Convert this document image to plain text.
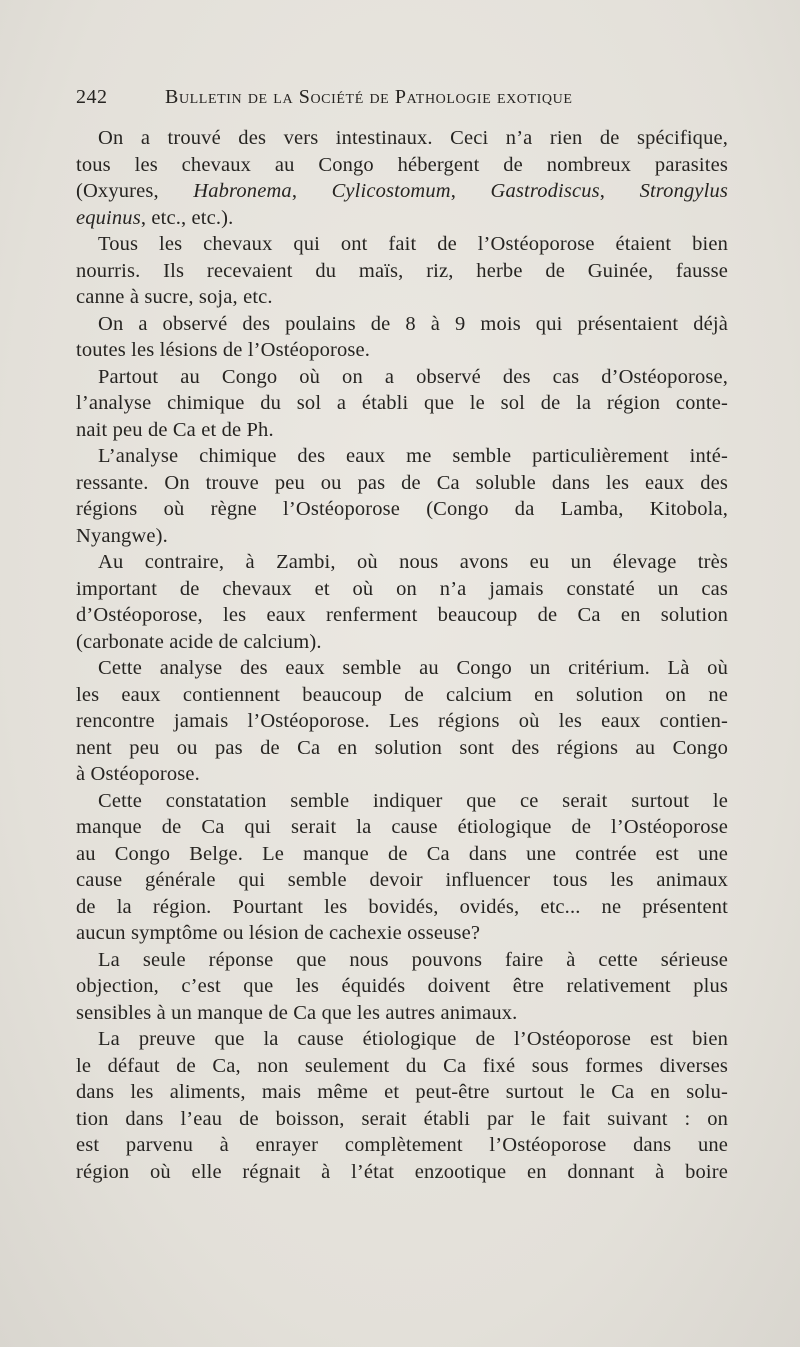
242	Bulletin de la Société de Pathologie exotique
On a trouvé des vers intestinaux. Ceci n’a rien de spécifique,
tous les chevaux au Congo hébergent de nombreux parasites
(Oxyures, Habronema, Cylicostomum, Gastrodiscus, Strongylus
equinus, etc., etc.).
Tous les chevaux qui ont fait de l’Ostéoporose étaient bien
nourris. Ils recevaient du maïs, riz, herbe de Guinée, fausse
canne à sucre, soja, etc.
On a observé des poulains de 8 à 9 mois qui présentaient déjà
toutes les lésions de l’Ostéoporose.
Partout au Congo où on a observé des cas d’Ostéoporose,
l’analyse chimique du sol a établi que le sol de la région conte-
nait peu de Ca et de Ph.
L’analyse chimique des eaux me semble particulièrement inté-
ressante. On trouve peu ou pas de Ca soluble dans les eaux des
régions où règne l’Ostéoporose (Congo da Lamba, Kitobola,
Nyangwe).
Au contraire, à Zambi, où nous avons eu un élevage très
important de chevaux et où on n’a jamais constaté un cas
d’Ostéoporose, les eaux renferment beaucoup de Ca en solution
(carbonate acide de calcium).
Cette analyse des eaux semble au Congo un critérium. Là où
les eaux contiennent beaucoup de calcium en solution on ne
rencontre jamais l’Ostéoporose. Les régions où les eaux contien-
nent peu ou pas de Ca en solution sont des régions au Congo
à Ostéoporose.
Cette constatation semble indiquer que ce serait surtout le
manque de Ca qui serait la cause étiologique de l’Ostéoporose
au Congo Belge. Le manque de Ca dans une contrée est une
cause générale qui semble devoir influencer tous les animaux
de la région. Pourtant les bovidés, ovidés, etc... ne présentent
aucun symptôme ou lésion de cachexie osseuse?
La seule réponse que nous pouvons faire à cette sérieuse
objection, c’est que les équidés doivent être relativement plus
sensibles à un manque de Ca que les autres animaux.
La preuve que la cause étiologique de l’Ostéoporose est bien
le défaut de Ca, non seulement du Ca fixé sous formes diverses
dans les aliments, mais même et peut-être surtout le Ca en solu-
tion dans l’eau de boisson, serait établi par le fait suivant : on
est parvenu à enrayer complètement l’Ostéoporose dans une
région où elle régnait à l’état enzootique en donnant à boire
